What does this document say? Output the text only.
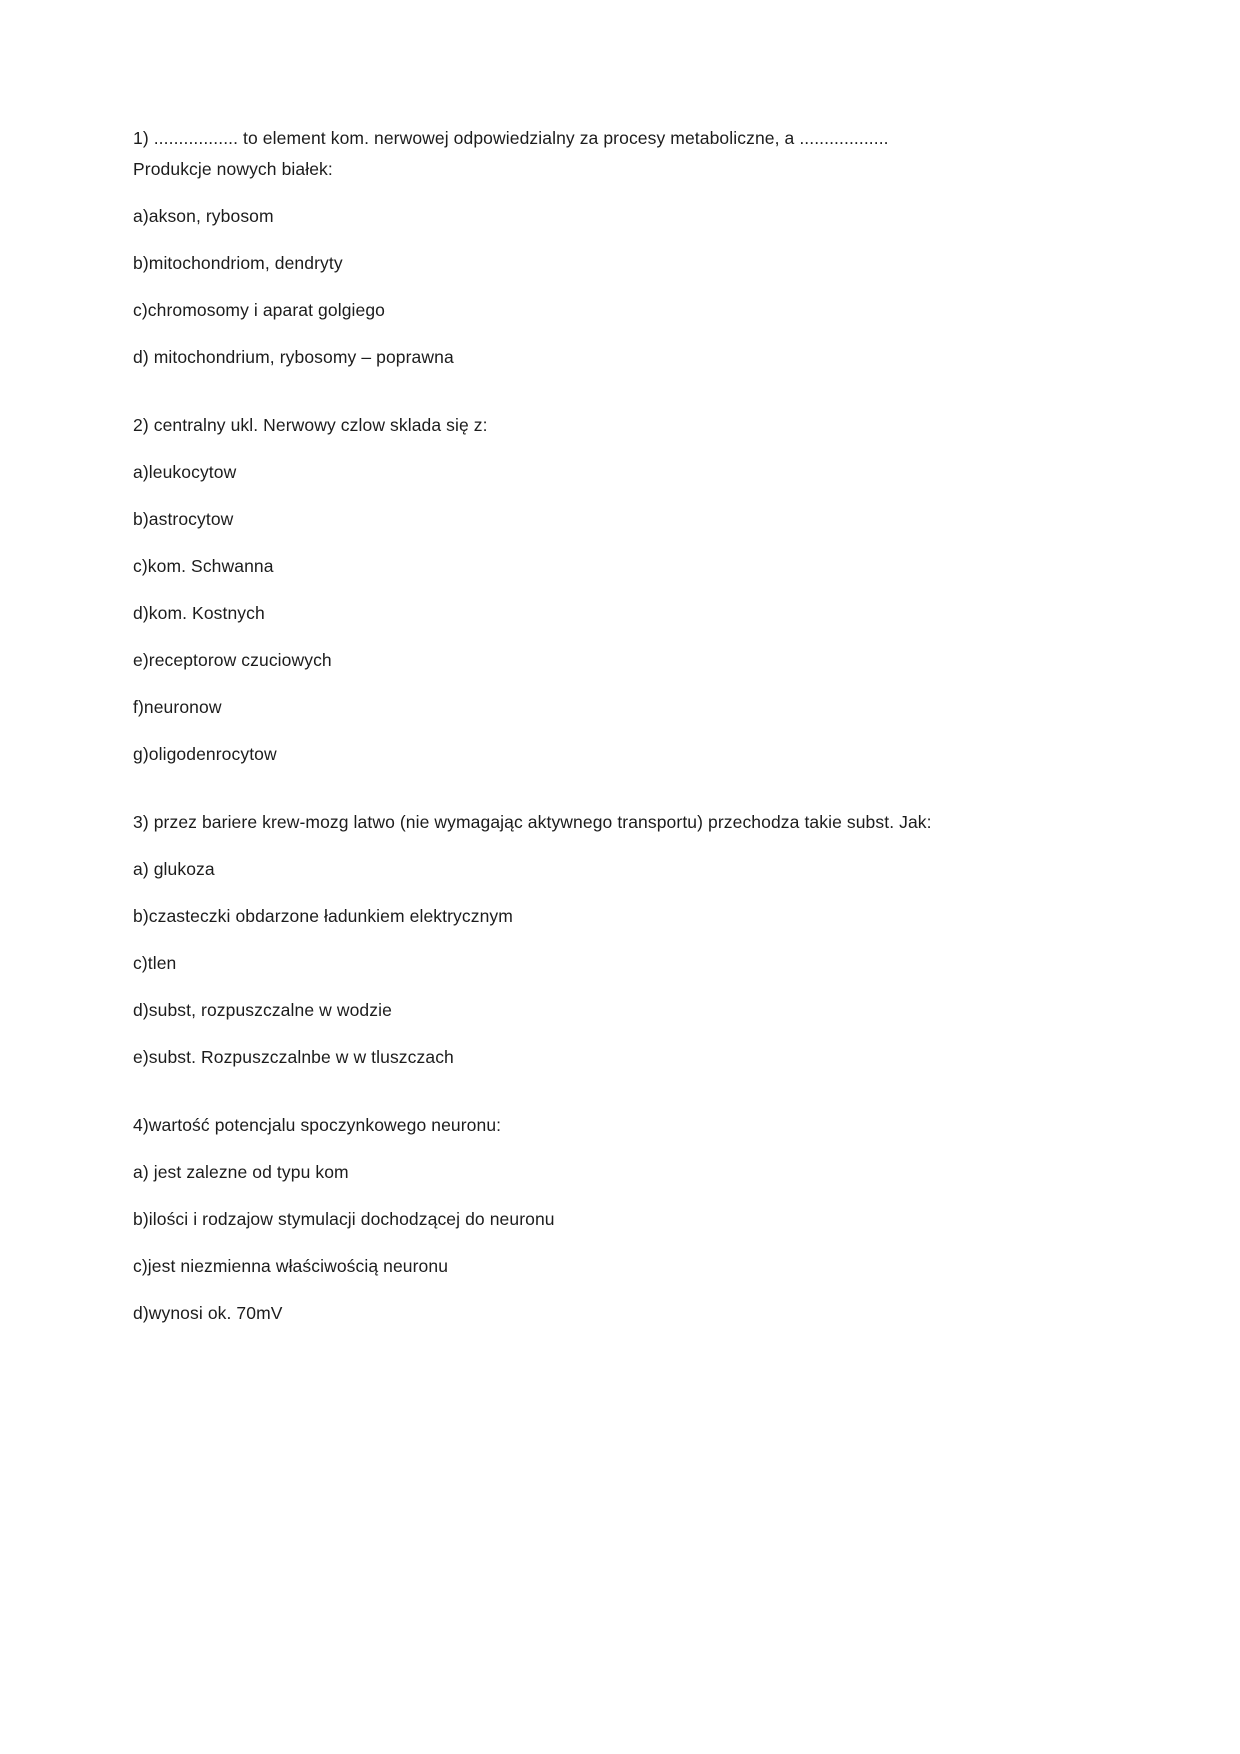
1) ................. to element kom. nerwowej odpowiedzialny za procesy metaboliczne, a ..................

Produkcje nowych białek:

a)akson, rybosom

b)mitochondriom, dendryty

c)chromosomy i aparat golgiego

d) mitochondrium, rybosomy – poprawna

2) centralny ukl. Nerwowy czlow sklada się z:

a)leukocytow

b)astrocytow

c)kom. Schwanna

d)kom. Kostnych

e)receptorow czuciowych

f)neuronow

g)oligodenrocytow

3) przez bariere krew-mozg latwo (nie wymagając aktywnego transportu) przechodza takie subst. Jak:

a) glukoza

b)czasteczki obdarzone ładunkiem elektrycznym

c)tlen

d)subst, rozpuszczalne w wodzie

e)subst. Rozpuszczalnbe w w tluszczach

4)wartość potencjalu spoczynkowego neuronu:

a) jest zalezne od typu kom

b)ilości i rodzajow stymulacji dochodzącej do neuronu

c)jest niezmienna właściwością neuronu

d)wynosi ok. 70mV
